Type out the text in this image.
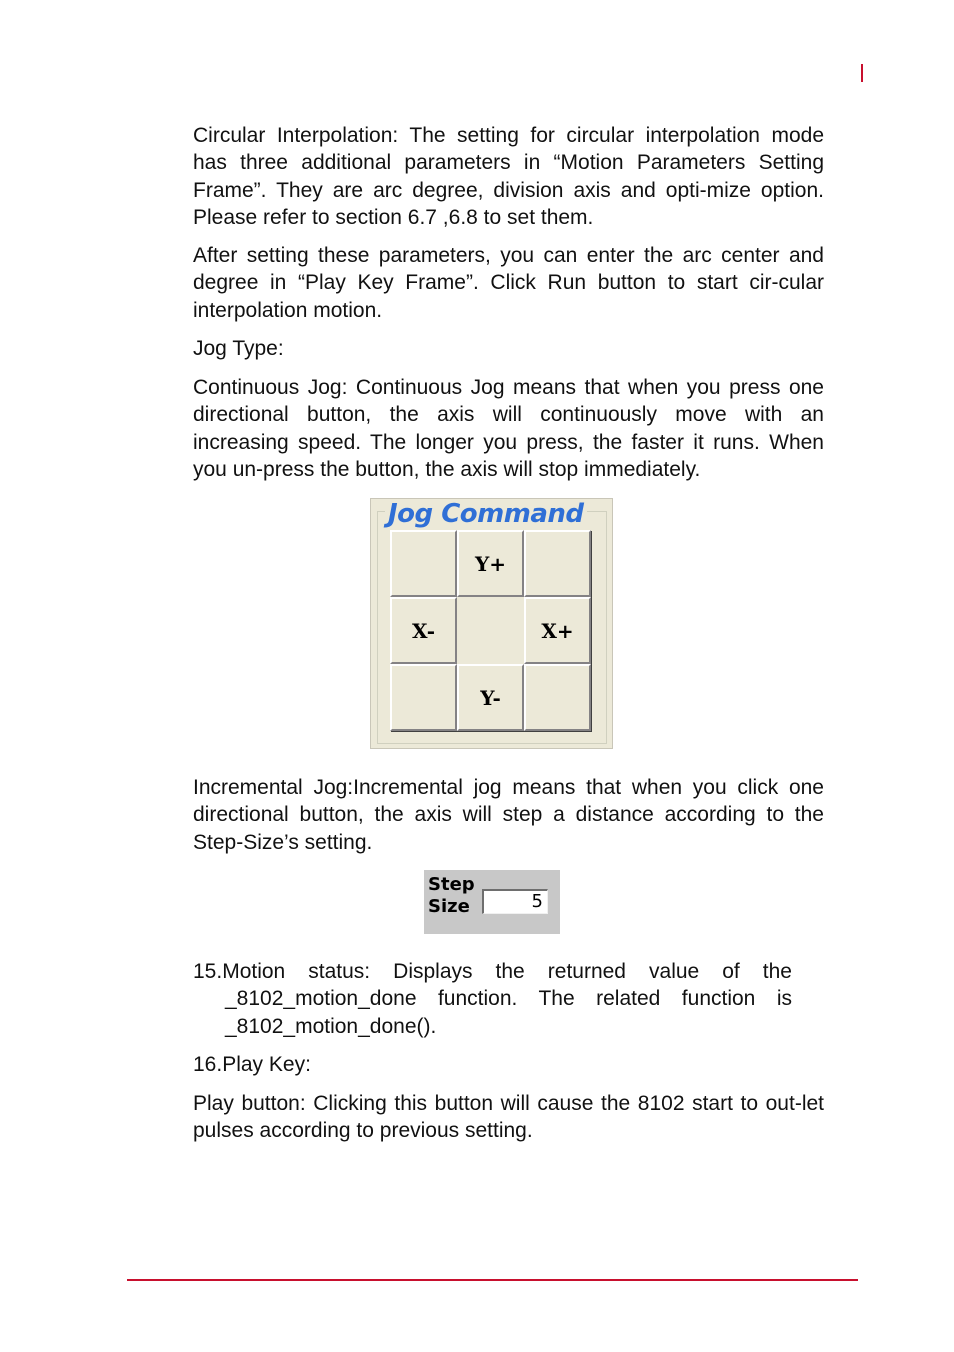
Circular Interpolation: The setting for circular interpolation mode has three additional parameters in “Motion Parameters Setting Frame”. They are arc degree, division axis and opti-mize option. Please refer to section 6.7 ,6.8 to set them.

After setting these parameters, you can enter the arc center and degree in “Play Key Frame”. Click Run button to start cir-cular interpolation motion.

Jog Type:

Continuous Jog: Continuous Jog means that when you press one directional button, the axis will continuously move with an increasing speed. The longer you press, the faster it runs. When you un-press the button, the axis will stop immediately.

Jog Command
Y+
X-	X+
Y-

Incremental Jog:Incremental jog means that when you click one directional button, the axis will step a distance according to the Step-Size’s setting.

Step
Size	5
15. Motion status: Displays the returned value of the
_8102_motion_done function. The related function is
_8102_motion_done().

16.Play Key:

Play button: Clicking this button will cause the 8102 start to out-let pulses according to previous setting.
